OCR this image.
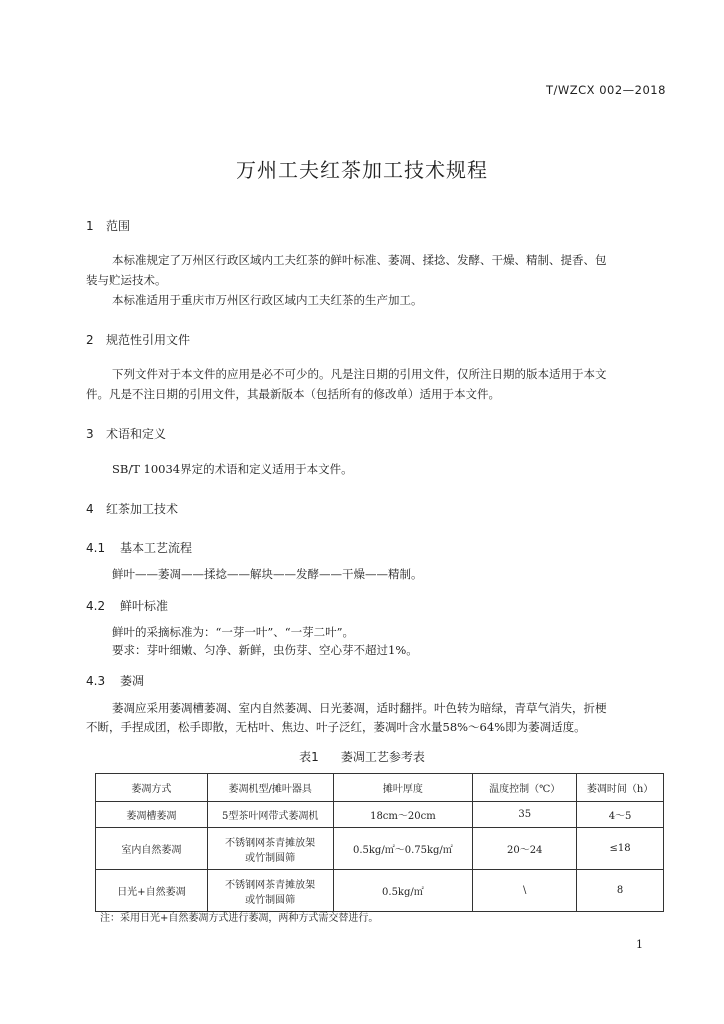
T/WZCX 002—2018
万州工夫红茶加工技术规程
1 范围
本标准规定了万州区行政区域内工夫红茶的鲜叶标准、萎凋、揉捻、发酵、干燥、精制、提香、包
装与贮运技术。
本标准适用于重庆市万州区行政区域内工夫红茶的生产加工。
2 规范性引用文件
下列文件对于本文件的应用是必不可少的。凡是注日期的引用文件，仅所注日期的版本适用于本文
件。凡是不注日期的引用文件，其最新版本（包括所有的修改单）适用于本文件。
3 术语和定义
SB/T 10034界定的术语和定义适用于本文件。
4 红茶加工技术
4.1 基本工艺流程
鲜叶——萎凋——揉捻——解块——发酵——干燥——精制。
4.2 鲜叶标准
鲜叶的采摘标准为：“一芽一叶”、“一芽二叶”。
要求：芽叶细嫩、匀净、新鲜，虫伤芽、空心芽不超过1%。
4.3 萎凋
萎凋应采用萎凋槽萎凋、室内自然萎凋、日光萎凋，适时翻拌。叶色转为暗绿，青草气消失，折梗
不断，手捏成团，松手即散，无枯叶、焦边、叶子泛红，萎凋叶含水量58%～64%即为萎凋适度。
表1 萎凋工艺参考表
萎凋方式	萎凋机型/摊叶器具	摊叶厚度	温度控制（℃）	萎凋时间（h）
萎凋槽萎凋	5型茶叶网带式萎凋机	18cm～20cm	35	4～5
室内自然萎凋	不锈钢网茶青摊放架
或竹制圆筛	0.5kg/㎡～0.75kg/㎡	20～24	≤18
日光+自然萎凋	不锈钢网茶青摊放架
或竹制圆筛	0.5kg/㎡	\	8
注：采用日光+自然萎凋方式进行萎凋，两种方式需交替进行。
1
